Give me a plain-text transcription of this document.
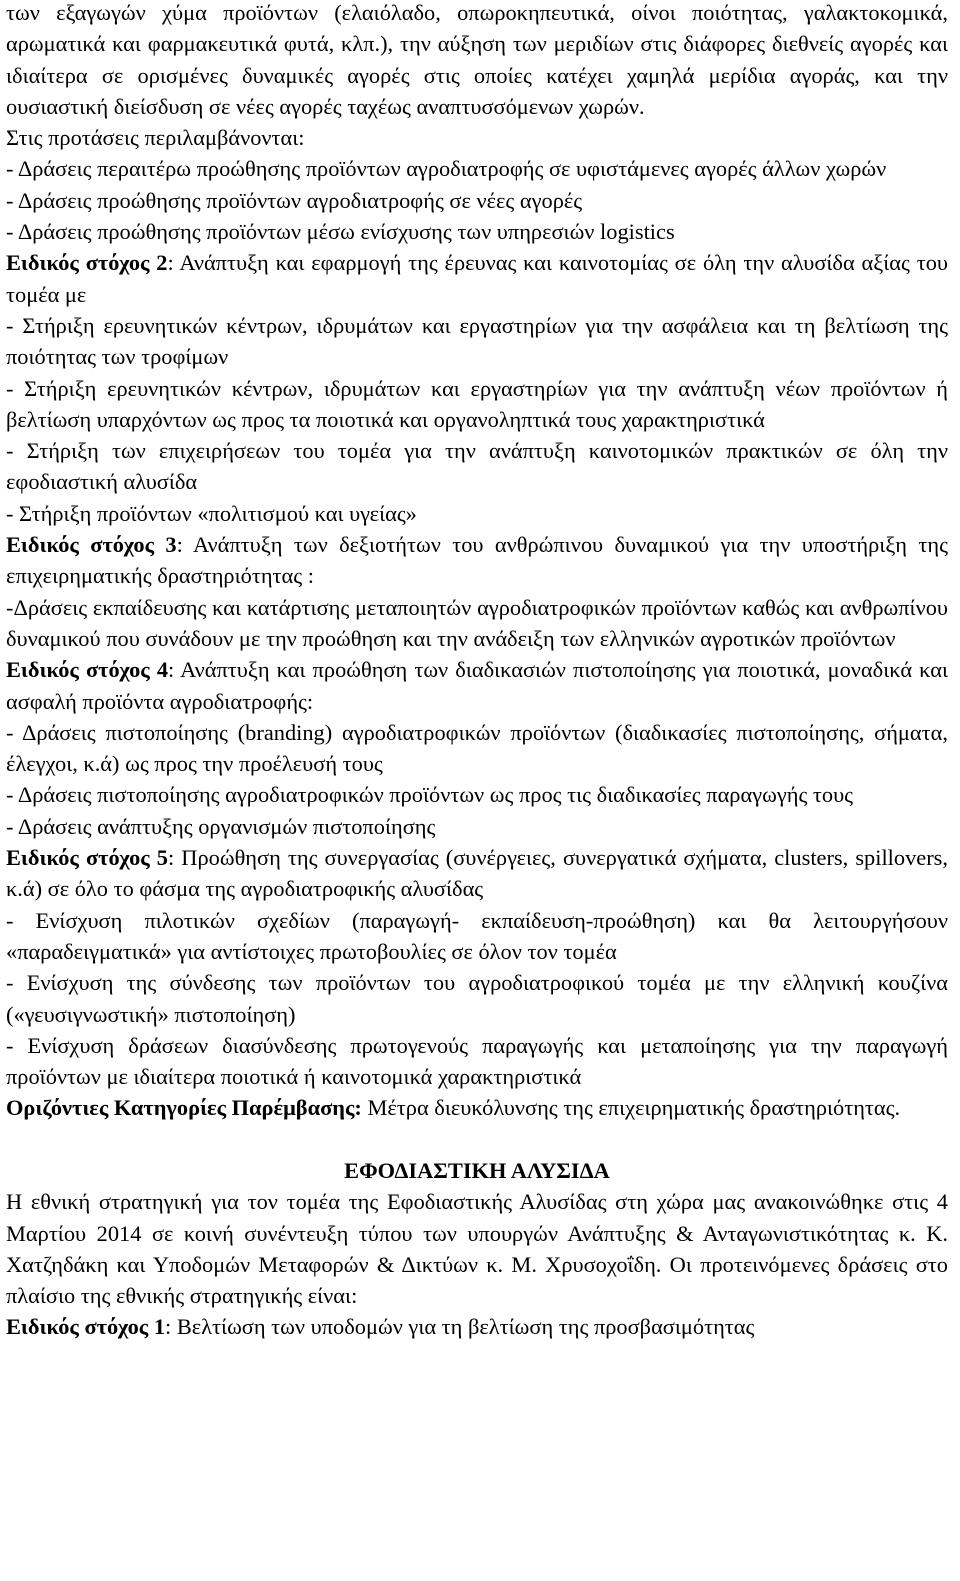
των εξαγωγών χύμα προϊόντων (ελαιόλαδο, οπωροκηπευτικά, οίνοι ποιότητας, γαλακτοκομικά, αρωματικά και φαρμακευτικά φυτά, κλπ.), την αύξηση των μεριδίων στις διάφορες διεθνείς αγορές και ιδιαίτερα σε ορισμένες δυναμικές αγορές στις οποίες κατέχει χαμηλά μερίδια αγοράς, και την ουσιαστική διείσδυση σε νέες αγορές ταχέως αναπτυσσόμενων χωρών.

Στις προτάσεις περιλαμβάνονται:

- Δράσεις περαιτέρω προώθησης προϊόντων αγροδιατροφής σε υφιστάμενες αγορές άλλων χωρών

- Δράσεις προώθησης προϊόντων αγροδιατροφής σε νέες αγορές

- Δράσεις προώθησης προϊόντων μέσω ενίσχυσης των υπηρεσιών logistics

Ειδικός στόχος 2: Ανάπτυξη και εφαρμογή της έρευνας και καινοτομίας σε όλη την αλυσίδα αξίας του τομέα με

- Στήριξη ερευνητικών κέντρων, ιδρυμάτων και εργαστηρίων για την ασφάλεια και τη βελτίωση της ποιότητας των τροφίμων

- Στήριξη ερευνητικών κέντρων, ιδρυμάτων και εργαστηρίων για την ανάπτυξη νέων προϊόντων ή βελτίωση υπαρχόντων ως προς τα ποιοτικά και οργανοληπτικά τους χαρακτηριστικά

- Στήριξη των επιχειρήσεων του τομέα για την ανάπτυξη καινοτομικών πρακτικών σε όλη την εφοδιαστική αλυσίδα

- Στήριξη προϊόντων «πολιτισμού και υγείας»

Ειδικός στόχος 3: Ανάπτυξη των δεξιοτήτων του ανθρώπινου δυναμικού για την υποστήριξη της επιχειρηματικής δραστηριότητας :

-Δράσεις εκπαίδευσης και κατάρτισης μεταποιητών αγροδιατροφικών προϊόντων καθώς και ανθρωπίνου δυναμικού που συνάδουν με την προώθηση και την ανάδειξη των ελληνικών αγροτικών προϊόντων

Ειδικός στόχος 4: Ανάπτυξη και προώθηση των διαδικασιών πιστοποίησης για ποιοτικά, μοναδικά και ασφαλή προϊόντα αγροδιατροφής:

- Δράσεις πιστοποίησης (branding) αγροδιατροφικών προϊόντων (διαδικασίες πιστοποίησης, σήματα, έλεγχοι, κ.ά) ως προς την προέλευσή τους

- Δράσεις πιστοποίησης αγροδιατροφικών προϊόντων ως προς τις διαδικασίες παραγωγής τους

- Δράσεις ανάπτυξης οργανισμών πιστοποίησης

Ειδικός στόχος 5: Προώθηση της συνεργασίας (συνέργειες, συνεργατικά σχήματα, clusters, spillovers, κ.ά) σε όλο το φάσμα της αγροδιατροφικής αλυσίδας

- Ενίσχυση πιλοτικών σχεδίων (παραγωγή- εκπαίδευση-προώθηση) και θα λειτουργήσουν «παραδειγματικά» για αντίστοιχες πρωτοβουλίες σε όλον τον τομέα

- Ενίσχυση της σύνδεσης των προϊόντων του αγροδιατροφικού τομέα με την ελληνική κουζίνα («γευσιγνωστική» πιστοποίηση)

- Ενίσχυση δράσεων διασύνδεσης πρωτογενούς παραγωγής και μεταποίησης για την παραγωγή προϊόντων με ιδιαίτερα ποιοτικά ή καινοτομικά χαρακτηριστικά

Οριζόντιες Κατηγορίες Παρέμβασης: Μέτρα διευκόλυνσης της επιχειρηματικής δραστηριότητας.

ΕΦΟΔΙΑΣΤΙΚΗ ΑΛΥΣΙΔΑ

Η εθνική στρατηγική για τον τομέα της Εφοδιαστικής Αλυσίδας στη χώρα μας ανακοινώθηκε στις 4 Μαρτίου 2014 σε κοινή συνέντευξη τύπου των υπουργών Ανάπτυξης & Ανταγωνιστικότητας κ. Κ. Χατζηδάκη και Υποδομών Μεταφορών & Δικτύων κ. Μ. Χρυσοχοΐδη. Οι προτεινόμενες δράσεις στο πλαίσιο της εθνικής στρατηγικής είναι:

Ειδικός στόχος 1: Βελτίωση των υποδομών για τη βελτίωση της προσβασιμότητας
